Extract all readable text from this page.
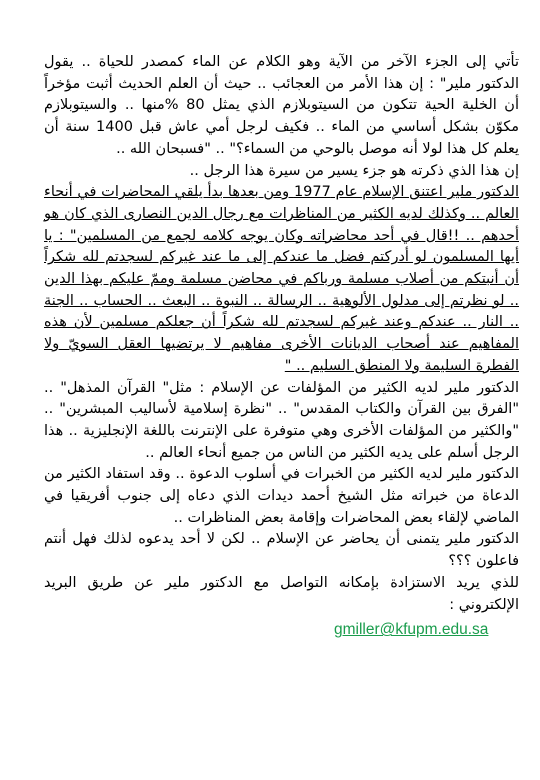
تأتي إلى الجزء الآخر من الآية وهو الكلام عن الماء كمصدر للحياة .. يقول الدكتور ملير" : إن هذا الأمر من العجائب .. حيث أن العلم الحديث أثبت مؤخراً أن الخلية الحية تتكون من السيتوبلازم الذي يمثل 80 %منها .. والسيتوبلازم مكوّن بشكل أساسي من الماء .. فكيف لرجل أمي عاش قبل 1400 سنة أن يعلم كل هذا لولا أنه موصل بالوحي من السماء؟" .. "فسبحان الله ..

إن هذا الذي ذكرته هو جزء يسير من سيرة هذا الرجل ..

الدكتور ملير اعتنق الإسلام عام 1977 ومن بعدها بدأ يلقي المحاضرات في أنحاء العالم .. وكذلك لديه الكثير من المناظرات مع رجال الدين النصارى الذي كان هو أحدهم .. !!قال في أحد محاضراته وكان يوجه كلامه لجمع من المسلمين" : يا أيها المسلمون لو أدركتم فضل ما عندكم إلى ما عند غيركم لسجدتم لله شكراً أن أنبتكم من أصلاب مسلمة ورباكم في محاضن مسلمة وممّ عليكم بهذا الدين .. لو نظرتم إلى مدلول الألوهية .. الرسالة .. النبوة .. البعث .. الحساب .. الجنة .. النار .. عندكم وعند غيركم لسجدتم لله شكراً أن جعلكم مسلمين لأن هذه المفاهيم عند أصحاب الديانات الأخرى مفاهيم لا يرتضيها العقل السويّ ولا الفطرة السليمة ولا المنطق السليم .. "

الدكتور ملير لديه الكثير من المؤلفات عن الإسلام : مثل" القرآن المذهل" .. "الفرق بين القرآن والكتاب المقدس" .. "نظرة إسلامية لأساليب المبشرين" .. "والكثير من المؤلفات الأخرى وهي متوفرة على الإنترنت باللغة الإنجليزية .. هذا الرجل أسلم على يديه الكثير من الناس من جميع أنحاء العالم ..

الدكتور ملير لديه الكثير من الخبرات في أسلوب الدعوة .. وقد استفاد الكثير من الدعاة من خبراته مثل الشيخ أحمد ديدات الذي دعاه إلى جنوب أفريقيا في الماضي لإلقاء بعض المحاضرات وإقامة بعض المناظرات ..

الدكتور ملير يتمنى أن يحاضر عن الإسلام .. لكن لا أحد يدعوه لذلك فهل أنتم فاعلون ؟؟؟

للذي يريد الاستزادة بإمكانه التواصل مع الدكتور ملير عن طريق البريد الإلكتروني :

gmiller@kfupm.edu.sa
